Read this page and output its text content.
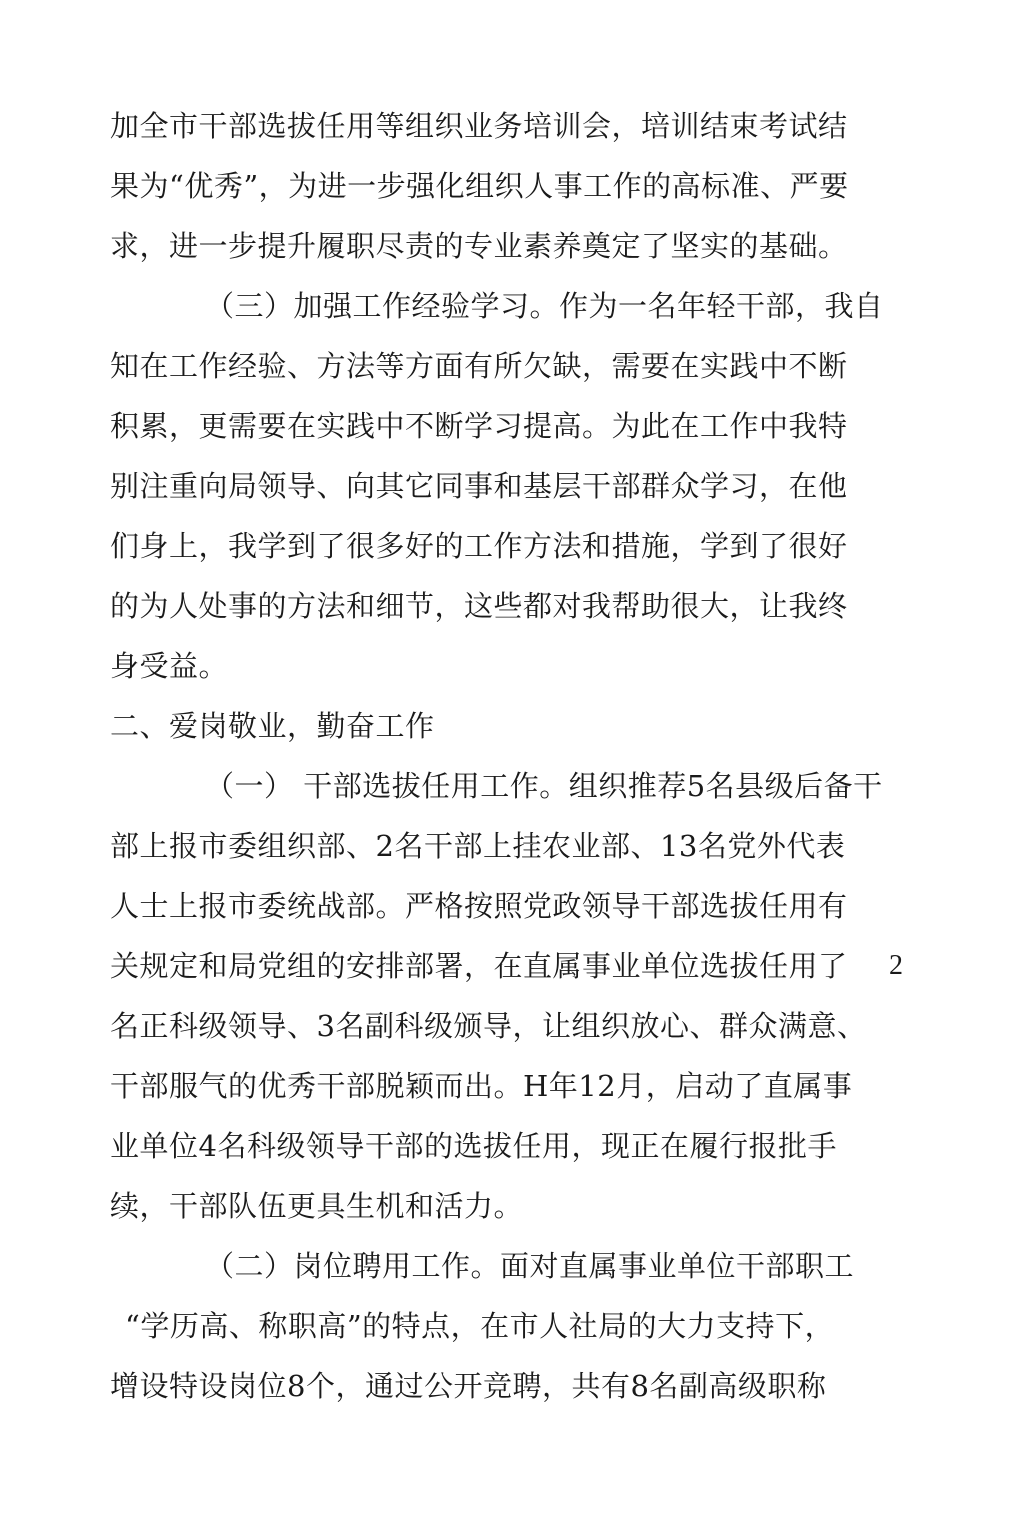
加全市干部选拔任用等组织业务培训会，培训结束考试结
果为“优秀”，为进一步强化组织人事工作的高标准、严要
求，进一步提升履职尽责的专业素养奠定了坚实的基础。
（三）加强工作经验学习。作为一名年轻干部，我自
知在工作经验、方法等方面有所欠缺，需要在实践中不断
积累，更需要在实践中不断学习提高。为此在工作中我特
别注重向局领导、向其它同事和基层干部群众学习，在他
们身上，我学到了很多好的工作方法和措施，学到了很好
的为人处事的方法和细节，这些都对我帮助很大，让我终
身受益。
二、爱岗敬业，勤奋工作
（一） 干部选拔任用工作。组织推荐5名县级后备干
部上报市委组织部、2名干部上挂农业部、13名党外代表
人士上报市委统战部。严格按照党政领导干部选拔任用有
关规定和局党组的安排部署，在直属事业单位选拔任用了
名正科级领导、3名副科级颁导，让组织放心、群众满意、
干部服气的优秀干部脱颖而出。H年12月，启动了直属事
业单位4名科级领导干部的选拔任用，现正在履行报批手
续，干部队伍更具生机和活力。
（二）岗位聘用工作。面对直属事业单位干部职工
“学历高、称职高”的特点，在市人社局的大力支持下，
增设特设岗位8个，通过公开竞聘，共有8名副高级职称
2
